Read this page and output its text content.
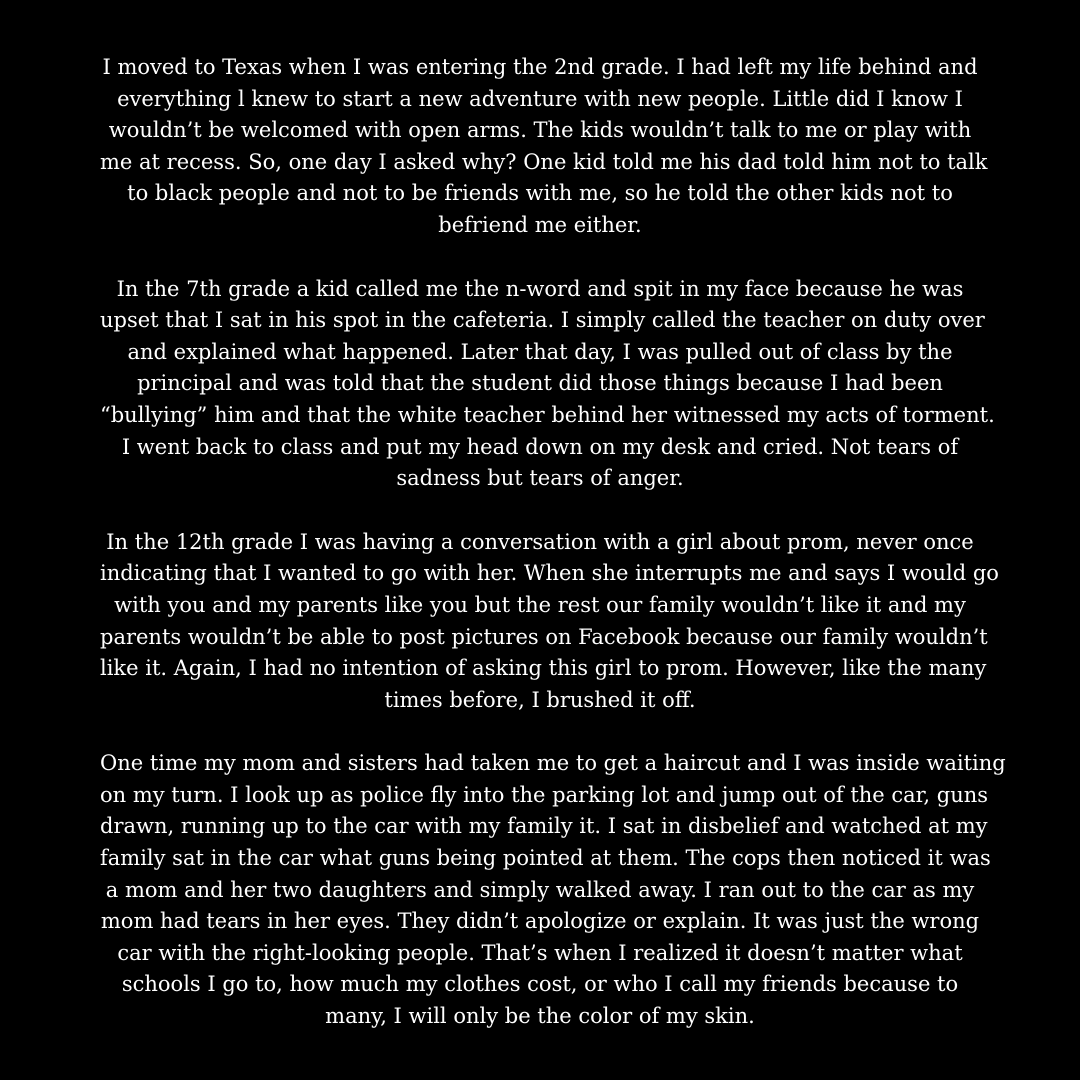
I moved to Texas when I was entering the 2nd grade. I had left my life behind and
everything l knew to start a new adventure with new people. Little did I know I
wouldn’t be welcomed with open arms. The kids wouldn’t talk to me or play with
me at recess. So, one day I asked why? One kid told me his dad told him not to talk
to black people and not to be friends with me, so he told the other kids not to
befriend me either.

In the 7th grade a kid called me the n-word and spit in my face because he was
upset that I sat in his spot in the cafeteria. I simply called the teacher on duty over
and explained what happened. Later that day, I was pulled out of class by the
principal and was told that the student did those things because I had been
“bullying” him and that the white teacher behind her witnessed my acts of torment.
I went back to class and put my head down on my desk and cried. Not tears of
sadness but tears of anger.

In the 12th grade I was having a conversation with a girl about prom, never once
indicating that I wanted to go with her. When she interrupts me and says I would go
with you and my parents like you but the rest our family wouldn’t like it and my
parents wouldn’t be able to post pictures on Facebook because our family wouldn’t
like it. Again, I had no intention of asking this girl to prom. However, like the many
times before, I brushed it off.

One time my mom and sisters had taken me to get a haircut and I was inside waiting
on my turn. I look up as police fly into the parking lot and jump out of the car, guns
drawn, running up to the car with my family it. I sat in disbelief and watched at my
family sat in the car what guns being pointed at them. The cops then noticed it was
a mom and her two daughters and simply walked away. I ran out to the car as my
mom had tears in her eyes. They didn’t apologize or explain. It was just the wrong
car with the right-looking people. That’s when I realized it doesn’t matter what
schools I go to, how much my clothes cost, or who I call my friends because to
many, I will only be the color of my skin.
